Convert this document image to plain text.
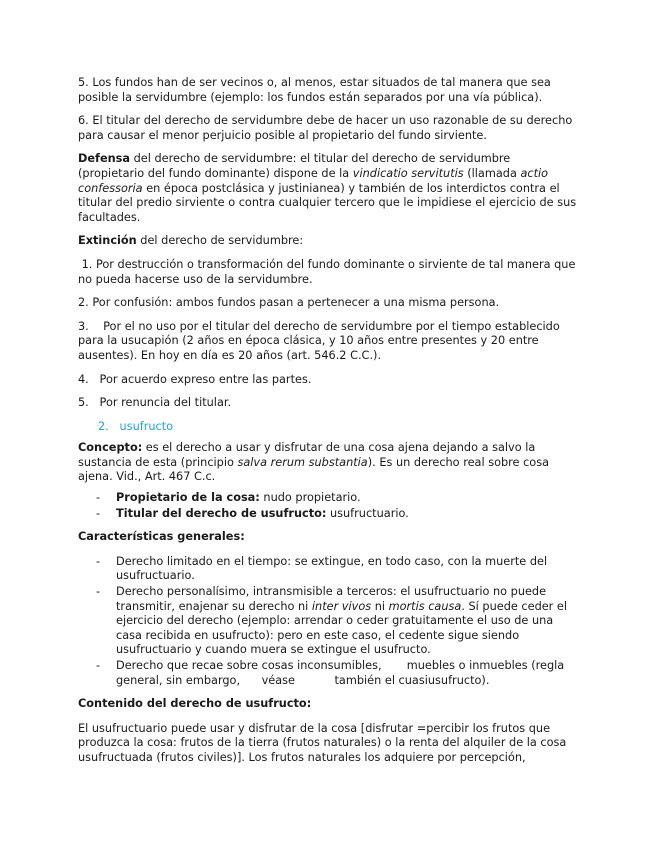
5. Los fundos han de ser vecinos o, al menos, estar situados de tal manera que sea posible la servidumbre (ejemplo: los fundos están separados por una vía pública).

6. El titular del derecho de servidumbre debe de hacer un uso razonable de su derecho para causar el menor perjuicio posible al propietario del fundo sirviente.

Defensa del derecho de servidumbre: el titular del derecho de servidumbre (propietario del fundo dominante) dispone de la vindicatio servitutis (llamada actio confessoria en época postclásica y justinianea) y también de los interdictos contra el titular del predio sirviente o contra cualquier tercero que le impidiese el ejercicio de sus facultades.

Extinción del derecho de servidumbre:

1. Por destrucción o transformación del fundo dominante o sirviente de tal manera que no pueda hacerse uso de la servidumbre.

2. Por confusión: ambos fundos pasan a pertenecer a una misma persona.

3.    Por el no uso por el titular del derecho de servidumbre por el tiempo establecido para la usucapión (2 años en época clásica, y 10 años entre presentes y 20 entre ausentes). En hoy en día es 20 años (art. 546.2 C.C.).

4.   Por acuerdo expreso entre las partes.

5.   Por renuncia del titular.

2.   usufructo

Concepto: es el derecho a usar y disfrutar de una cosa ajena dejando a salvo la sustancia de esta (principio salva rerum substantia). Es un derecho real sobre cosa ajena. Vid., Art. 467 C.c.

- Propietario de la cosa: nudo propietario.
- Titular del derecho de usufructo: usufructuario.

Características generales:

- Derecho limitado en el tiempo: se extingue, en todo caso, con la muerte del usufructuario.
- Derecho personalísimo, intransmisible a terceros: el usufructuario no puede transmitir, enajenar su derecho ni inter vivos ni mortis causa. Sí puede ceder el ejercicio del derecho (ejemplo: arrendar o ceder gratuitamente el uso de una casa recibida en usufructo): pero en este caso, el cedente sigue siendo usufructuario y cuando muera se extingue el usufructo.
- Derecho que recae sobre cosas inconsumibles,       muebles o inmuebles (regla general, sin embargo,      véase           también el cuasiusufructo).

Contenido del derecho de usufructo:

El usufructuario puede usar y disfrutar de la cosa [disfrutar =percibir los frutos que produzca la cosa: frutos de la tierra (frutos naturales) o la renta del alquiler de la cosa usufructuada (frutos civiles)]. Los frutos naturales los adquiere por percepción,
